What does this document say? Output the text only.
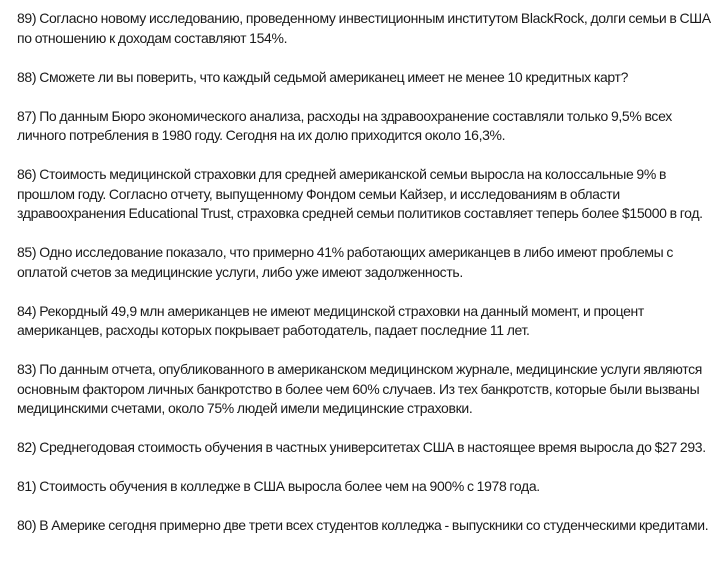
89) Согласно новому исследованию, проведенному инвестиционным институтом BlackRock, долги семьи в США по отношению к доходам составляют 154%.

88) Сможете ли вы поверить, что каждый седьмой американец имеет не менее 10 кредитных карт?

87) По данным Бюро экономического анализа, расходы на здравоохранение составляли только 9,5% всех личного потребления в 1980 году. Сегодня на их долю приходится около 16,3%.

86) Стоимость медицинской страховки для средней американской семьи выросла на колоссальные 9% в прошлом году. Согласно отчету, выпущенному Фондом семьи Кайзер, и исследованиям в области здравоохранения Educational Trust, страховка средней семьи политиков составляет теперь более $15000 в год.

85) Одно исследование показало, что примерно 41% работающих американцев в либо имеют проблемы с оплатой счетов за медицинские услуги, либо уже имеют задолженность.

84) Рекордный 49,9 млн американцев не имеют медицинской страховки на данный момент, и процент американцев, расходы которых покрывает работодатель, падает последние 11 лет.

83) По данным отчета, опубликованного в американском медицинском журнале, медицинские услуги являются основным фактором личных банкротство в более чем 60% случаев. Из тех банкротств, которые были вызваны медицинскими счетами, около 75% людей имели медицинские страховки.

82) Среднегодовая стоимость обучения в частных университетах США в настоящее время выросла до $27 293.

81) Стоимость обучения в колледже в США выросла более чем на 900% с 1978 года.

80) В Америке сегодня примерно две трети всех студентов колледжа - выпускники со студенческими кредитами.
